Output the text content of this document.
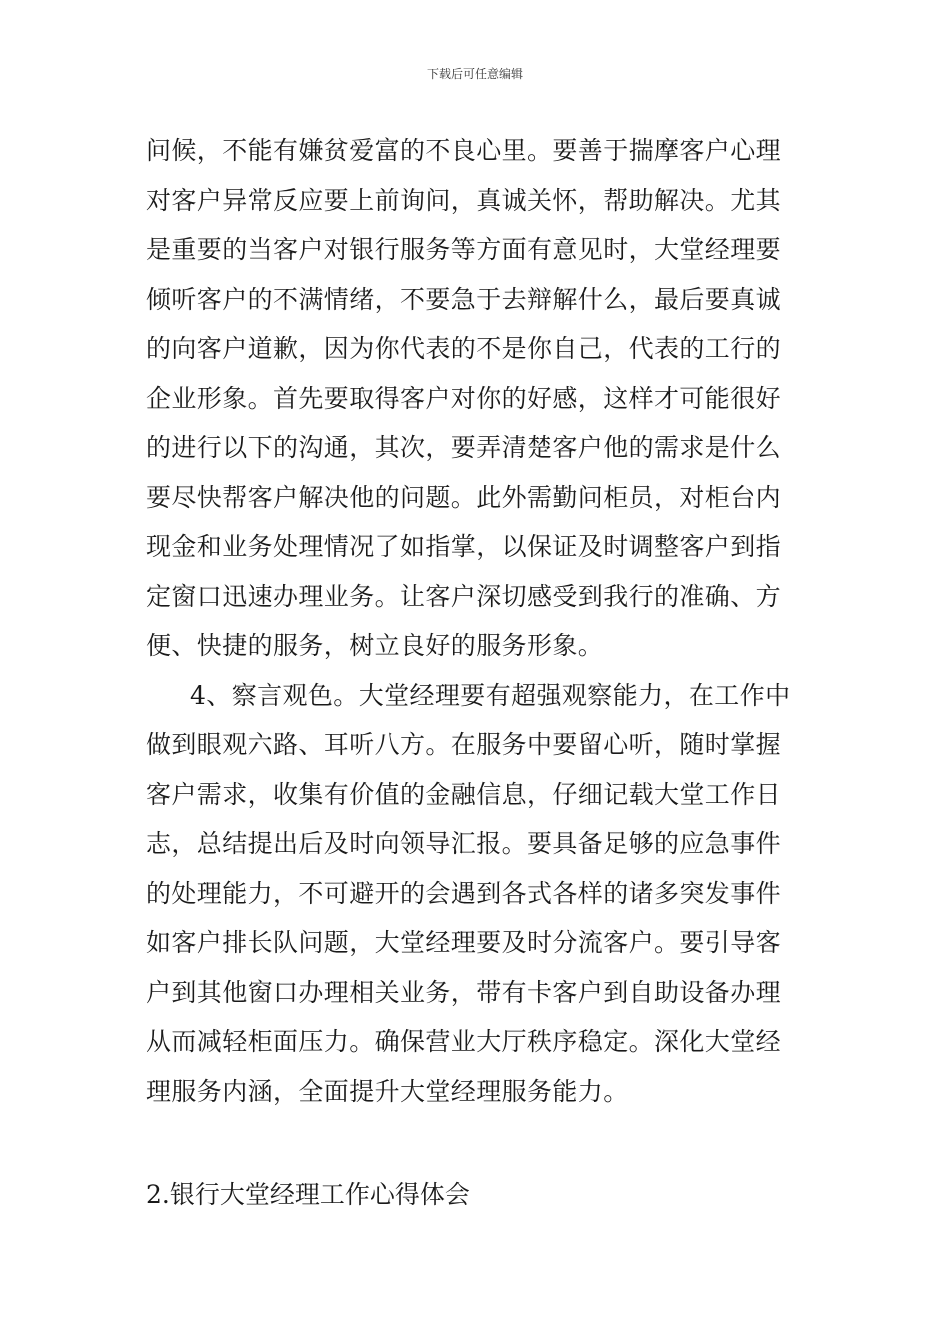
下载后可任意编辑
问候，不能有嫌贫爱富的不良心里。要善于揣摩客户心理
对客户异常反应要上前询问，真诚关怀，帮助解决。尤其
是重要的当客户对银行服务等方面有意见时，大堂经理要
倾听客户的不满情绪，不要急于去辩解什么，最后要真诚
的向客户道歉，因为你代表的不是你自己，代表的工行的
企业形象。首先要取得客户对你的好感，这样才可能很好
的进行以下的沟通，其次，要弄清楚客户他的需求是什么
要尽快帮客户解决他的问题。此外需勤问柜员，对柜台内
现金和业务处理情况了如指掌，以保证及时调整客户到指
定窗口迅速办理业务。让客户深切感受到我行的准确、方
便、快捷的服务，树立良好的服务形象。
4、察言观色。大堂经理要有超强观察能力，在工作中
做到眼观六路、耳听八方。在服务中要留心听，随时掌握
客户需求，收集有价值的金融信息，仔细记载大堂工作日
志，总结提出后及时向领导汇报。要具备足够的应急事件
的处理能力，不可避开的会遇到各式各样的诸多突发事件
如客户排长队问题，大堂经理要及时分流客户。要引导客
户到其他窗口办理相关业务，带有卡客户到自助设备办理
从而减轻柜面压力。确保营业大厅秩序稳定。深化大堂经
理服务内涵，全面提升大堂经理服务能力。
2.银行大堂经理工作心得体会
